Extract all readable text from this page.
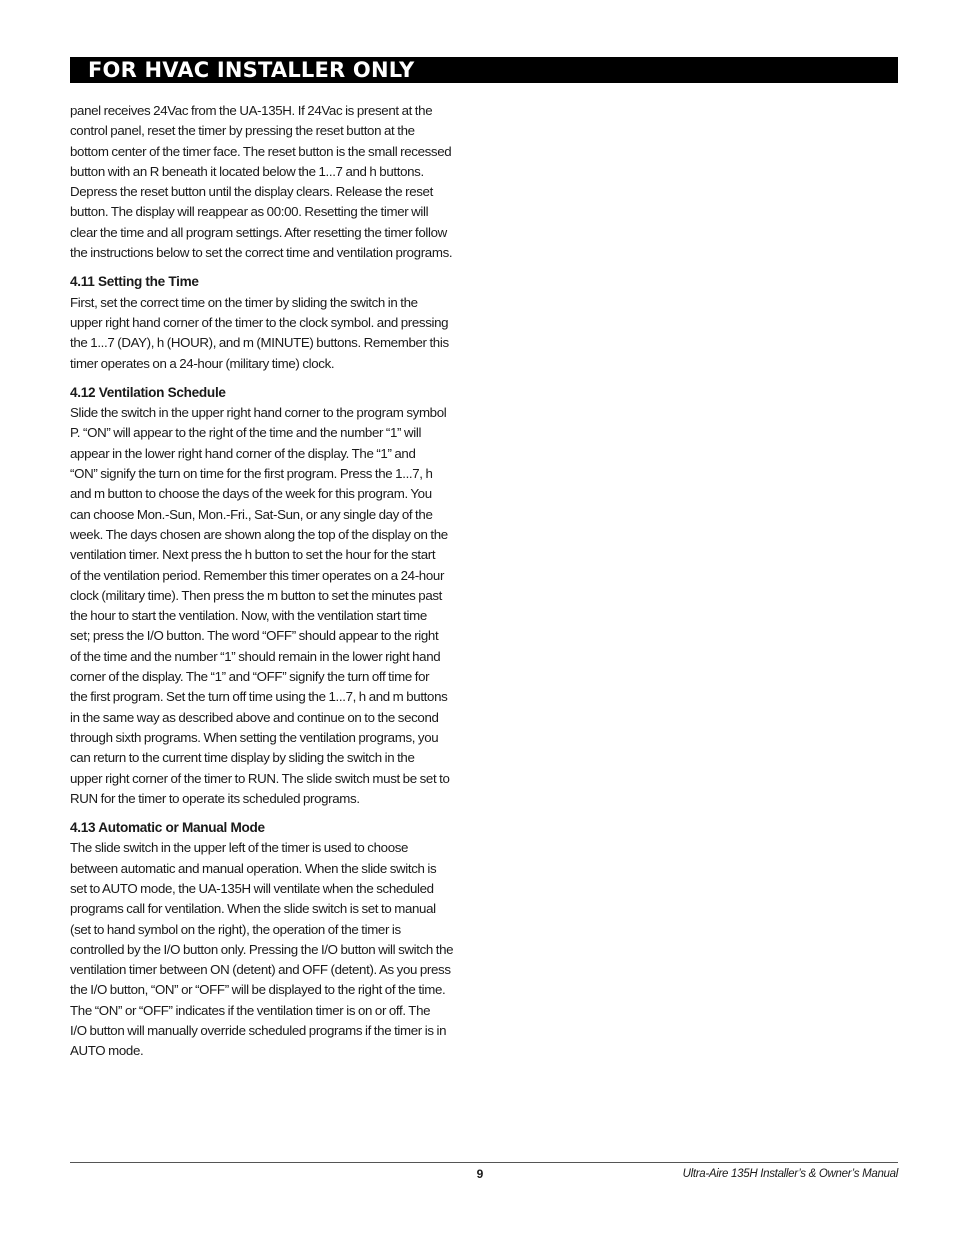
FOR HVAC INSTALLER ONLY

panel receives 24Vac from the UA-135H. If 24Vac is present at the
control panel, reset the timer by pressing the reset button at the
bottom center of the timer face. The reset button is the small recessed
button with an R beneath it located below the 1...7 and h buttons.
Depress the reset button until the display clears. Release the reset
button. The display will reappear as 00:00. Resetting the timer will
clear the time and all program settings. After resetting the timer follow
the instructions below to set the correct time and ventilation programs.

4.11 Setting the Time

First, set the correct time on the timer by sliding the switch in the
upper right hand corner of the timer to the clock symbol. and pressing
the 1...7 (DAY), h (HOUR), and m (MINUTE) buttons. Remember this
timer operates on a 24-hour (military time) clock.

4.12 Ventilation Schedule

Slide the switch in the upper right hand corner to the program symbol
P. “ON” will appear to the right of the time and the number “1” will
appear in the lower right hand corner of the display. The “1” and
“ON” signify the turn on time for the first program. Press the 1...7, h
and m button to choose the days of the week for this program. You
can choose Mon.-Sun, Mon.-Fri., Sat-Sun, or any single day of the
week. The days chosen are shown along the top of the display on the
ventilation timer. Next press the h button to set the hour for the start
of the ventilation period. Remember this timer operates on a 24-hour
clock (military time). Then press the m button to set the minutes past
the hour to start the ventilation. Now, with the ventilation start time
set; press the I/O button. The word “OFF” should appear to the right
of the time and the number “1” should remain in the lower right hand
corner of the display. The “1” and “OFF” signify the turn off time for
the first program. Set the turn off time using the 1...7, h and m buttons
in the same way as described above and continue on to the second
through sixth programs. When setting the ventilation programs, you
can return to the current time display by sliding the switch in the
upper right corner of the timer to RUN. The slide switch must be set to
RUN for the timer to operate its scheduled programs.

4.13 Automatic or Manual Mode

The slide switch in the upper left of the timer is used to choose
between automatic and manual operation. When the slide switch is
set to AUTO mode, the UA-135H will ventilate when the scheduled
programs call for ventilation. When the slide switch is set to manual
(set to hand symbol on the right), the operation of the timer is
controlled by the I/O button only. Pressing the I/O button will switch the
ventilation timer between ON (detent) and OFF (detent). As you press
the I/O button, “ON” or “OFF” will be displayed to the right of the time.
The “ON” or “OFF” indicates if the ventilation timer is on or off. The
I/O button will manually override scheduled programs if the timer is in
AUTO mode.

9	Ultra-Aire 135H Installer’s & Owner’s Manual
